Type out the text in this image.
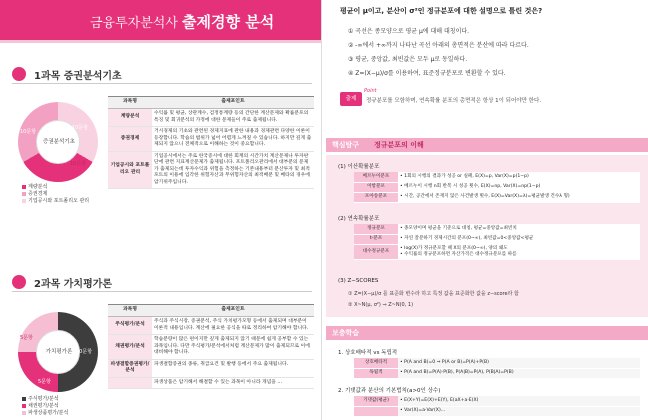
금융투자분석사 출제경향 분석
1과목 증권분석기초
증권분석기초
10문항
10문항
10문항
계량분석
증권경제
기업공시와 포트폴리오 관리
과목명	출제포인트
계량분석	수익률 및 평균, 상관계수, 검정통계량 등의 간단한 계산문제와 확률분포의 특징 및 회귀분석의 가정에 대한 문제들이 주로 출제됩니다.
증권경제	거시경제의 기초와 관련된 경제지표에 관한 내용과 경제관련 다양한 이론이 등장합니다. 학습의 범위가 넓어 어렵게 느껴질 수 있습니다. 하지만 깊게 출제되지 않으니 전체적으로 이해하는 것이 중요합니다.
기업공시와 포트폴리오 관리	기업공시에서는 주로 한국증시에 대한 회계의 시간가치 계산문제나 투자판단에 관련 지표계산문제가 출제됩니다. 포트폴리오관리에서 대부분의 문제가 출제되는데 투자수익과 위험을 측정하는 기본내용부터 분산투자 및 최적포트의 이용에 입각한 위험자산과 무위험자산의 최적배분 및 베타의 경우에 암기위주입니다.
2과목 가치평가론
가치평가론 10문항
5문항
5문항
주식평가/분석
채권평가/분석
파생상품평가/분석
과목명	출제포인트
주식평가/분석	주식과 주식시장, 증권분석, 주식 가치평가모형 등에서 출제되며 대부분이 이론적 내용입니다. 계산에 필요한 공식을 따로 정리하여 암기해야 합니다.
채권평가/분석	학습분량이 많은 편이지만 깊게 출제되지 않기 때문에 쉽게 공부할 수 있는 과목입니다. 다만 주식평가/분석에서처럼 계산문제가 많이 출제되므로 이에 대비해야 합니다.
파생결합증권평가/분석	파생결합증권의 종류, 취급요건 및 발행 등에서 주요 출제됩니다.
	파생상품은 암기해서 해결할 수 있는 과목이 아니라 개념을 ...
평균이 μ이고, 분산이 σ²인 정규분포에 대한 설명으로 틀린 것은?
① 곡선은 종모양으로 평균 μ에 대해 대칭이다.
② -∞에서 +∞까지 나타난 곡선 아래의 총면적은 분산에 따라 다르다.
③ 평균, 중앙값, 최빈값은 모두 μ로 동일하다.
④ Z=(X−μ)/σ를 이용하여, 표준정규분포로 변환할 수 있다.
출제
Point
정규분포를 모함하며, 연속확률 분포의 총면적은 항상 1이 되어야만 한다.
핵심탐구 정규분포의 이해
(1) 이산확률분포
베르누이분포	• 1회의 시행의 결과가 성공 or 실패, E(X)=p, Var(X)=p(1−p)
이항분포	• 베르누이 시행 n회 반복 시 성공 횟수, E(X)=np, Var(X)=np(1−p)
포아송분포	• 시간, 공간에서 존재지 않은 사건발생 횟수, E(X)=Var(X)=λ(=평균발생 건수λ 형)
(2) 연속확률분포
정규분포	• 종모양이며 평균을 기준으로 대칭, 평균=중앙값=최빈치
t-분포	• 자연 잘분하기 경제시간의 분포(0~∞), 최빈값=0<중앙값<평균
대수정규분포	• log(X)가 정규분포할 때 X의 분포(0~∞), 양의 왜도
• 수익률의 정규분포하면 자산가격은 대수정규분포를 따름
(3) Z−SCORES
① Z=(X−μ)/σ 를 표준화 변수라 하고 특정 값을 표준화한 값을 z−score라 함
② X~N(μ, σ²) ⇒ Z~N(0, 1)
보충학습
1. 상호배타적 vs 독립적
상호배타적	• P(A and B)=0 ⇒ P(A or B)=P(A)+P(B)
독립적	• P(A and B)=P(A)·P(B), P(A|B)=P(A), P(B|A)=P(B)
2. 기댓값과 분산의 기본법칙(a>0인 상수)
기댓값(평균)	• E(X+Y)=E(X)+E(Y), E(aX+a·E(X)
	• Var(X)=a·Var(X)...
